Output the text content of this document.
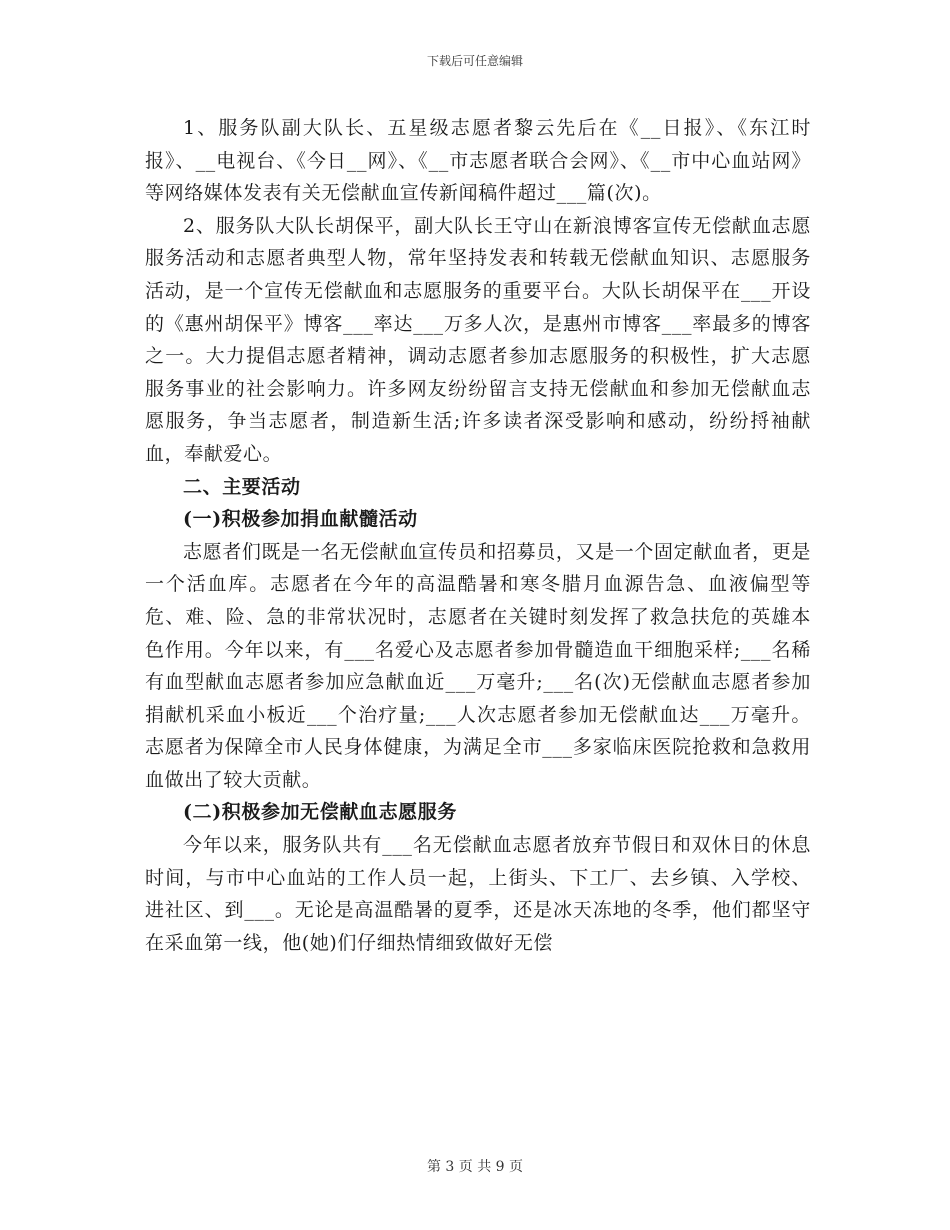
下载后可任意编辑

1、服务队副大队长、五星级志愿者黎云先后在《__日报》、《东江时报》、__电视台、《今日__网》、《__市志愿者联合会网》、《__市中心血站网》等网络媒体发表有关无偿献血宣传新闻稿件超过___篇(次)。

2、服务队大队长胡保平，副大队长王守山在新浪博客宣传无偿献血志愿服务活动和志愿者典型人物，常年坚持发表和转载无偿献血知识、志愿服务活动，是一个宣传无偿献血和志愿服务的重要平台。大队长胡保平在___开设的《惠州胡保平》博客___率达___万多人次，是惠州市博客___率最多的博客之一。大力提倡志愿者精神，调动志愿者参加志愿服务的积极性，扩大志愿服务事业的社会影响力。许多网友纷纷留言支持无偿献血和参加无偿献血志愿服务，争当志愿者，制造新生活;许多读者深受影响和感动，纷纷捋袖献血，奉献爱心。

二、主要活动

(一)积极参加捐血献髓活动

志愿者们既是一名无偿献血宣传员和招募员，又是一个固定献血者，更是一个活血库。志愿者在今年的高温酷暑和寒冬腊月血源告急、血液偏型等危、难、险、急的非常状况时，志愿者在关键时刻发挥了救急扶危的英雄本色作用。今年以来，有___名爱心及志愿者参加骨髓造血干细胞采样;___名稀有血型献血志愿者参加应急献血近___万毫升;___名(次)无偿献血志愿者参加捐献机采血小板近___个治疗量;___人次志愿者参加无偿献血达___万毫升。志愿者为保障全市人民身体健康，为满足全市___多家临床医院抢救和急救用血做出了较大贡献。

(二)积极参加无偿献血志愿服务

今年以来，服务队共有___名无偿献血志愿者放弃节假日和双休日的休息时间，与市中心血站的工作人员一起，上街头、下工厂、去乡镇、入学校、进社区、到___。无论是高温酷暑的夏季，还是冰天冻地的冬季，他们都坚守在采血第一线，他(她)们仔细热情细致做好无偿

第 3 页 共 9 页
